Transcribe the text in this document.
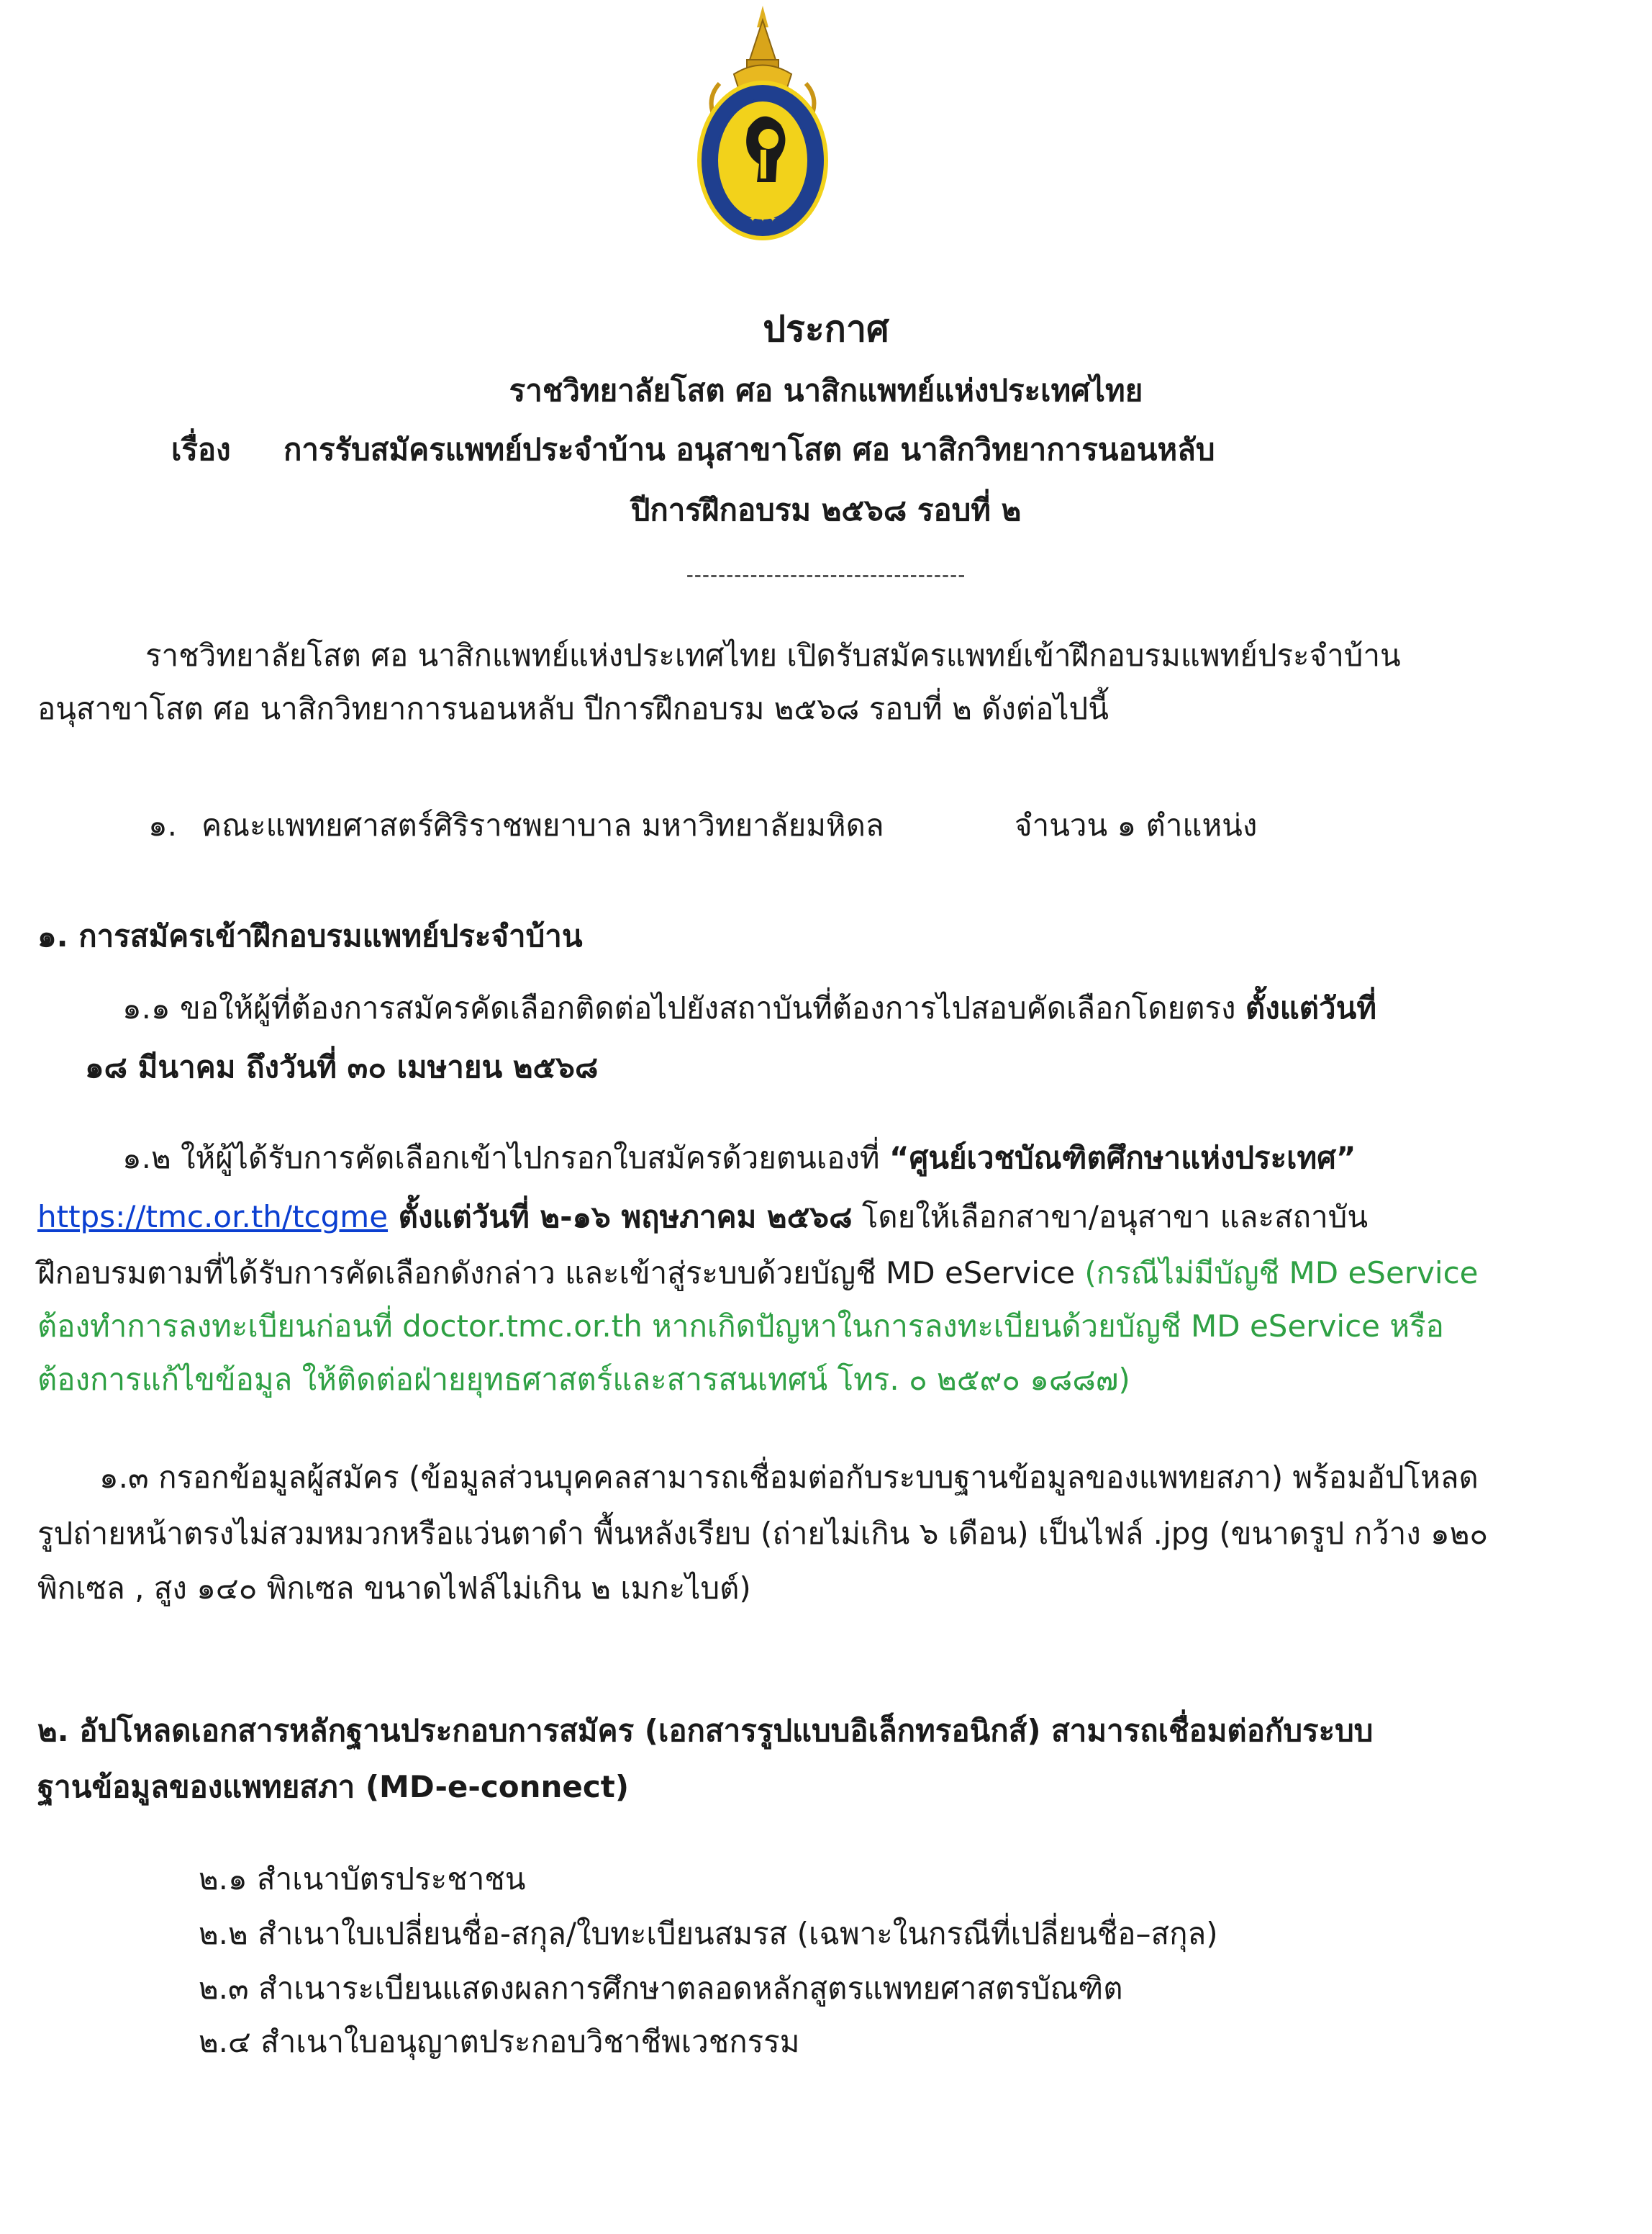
✦ ✦ ✦
ประกาศ
ราชวิทยาลัยโสต ศอ นาสิกแพทย์แห่งประเทศไทย
เรื่อง การรับสมัครแพทย์ประจำบ้าน อนุสาขาโสต ศอ นาสิกวิทยาการนอนหลับ
ปีการฝึกอบรม ๒๕๖๘ รอบที่ ๒
-----------------------------------
ราชวิทยาลัยโสต ศอ นาสิกแพทย์แห่งประเทศไทย เปิดรับสมัครแพทย์เข้าฝึกอบรมแพทย์ประจำบ้าน
อนุสาขาโสต ศอ นาสิกวิทยาการนอนหลับ ปีการฝึกอบรม ๒๕๖๘ รอบที่ ๒ ดังต่อไปนี้
๑. คณะแพทยศาสตร์ศิริราชพยาบาล มหาวิทยาลัยมหิดล	จำนวน ๑ ตำแหน่ง
๑. การสมัครเข้าฝึกอบรมแพทย์ประจำบ้าน
๑.๑ ขอให้ผู้ที่ต้องการสมัครคัดเลือกติดต่อไปยังสถาบันที่ต้องการไปสอบคัดเลือกโดยตรง ตั้งแต่วันที่
๑๘ มีนาคม ถึงวันที่ ๓๐ เมษายน ๒๕๖๘
๑.๒ ให้ผู้ได้รับการคัดเลือกเข้าไปกรอกใบสมัครด้วยตนเองที่ “ศูนย์เวชบัณฑิตศึกษาแห่งประเทศ”
https://tmc.or.th/tcgme ตั้งแต่วันที่ ๒-๑๖ พฤษภาคม ๒๕๖๘ โดยให้เลือกสาขา/อนุสาขา และสถาบัน
ฝึกอบรมตามที่ได้รับการคัดเลือกดังกล่าว และเข้าสู่ระบบด้วยบัญชี MD eService (กรณีไม่มีบัญชี MD eService
ต้องทำการลงทะเบียนก่อนที่ doctor.tmc.or.th หากเกิดปัญหาในการลงทะเบียนด้วยบัญชี MD eService หรือ
ต้องการแก้ไขข้อมูล ให้ติดต่อฝ่ายยุทธศาสตร์และสารสนเทศน์ โทร. ๐ ๒๕๙๐ ๑๘๘๗)
๑.๓ กรอกข้อมูลผู้สมัคร (ข้อมูลส่วนบุคคลสามารถเชื่อมต่อกับระบบฐานข้อมูลของแพทยสภา) พร้อมอัปโหลด
รูปถ่ายหน้าตรงไม่สวมหมวกหรือแว่นตาดำ พื้นหลังเรียบ (ถ่ายไม่เกิน ๖ เดือน) เป็นไฟล์ .jpg (ขนาดรูป กว้าง ๑๒๐
พิกเซล , สูง ๑๔๐ พิกเซล ขนาดไฟล์ไม่เกิน ๒ เมกะไบต์)
๒. อัปโหลดเอกสารหลักฐานประกอบการสมัคร (เอกสารรูปแบบอิเล็กทรอนิกส์) สามารถเชื่อมต่อกับระบบ
ฐานข้อมูลของแพทยสภา (MD-e-connect)
๒.๑ สำเนาบัตรประชาชน
๒.๒ สำเนาใบเปลี่ยนชื่อ-สกุล/ใบทะเบียนสมรส (เฉพาะในกรณีที่เปลี่ยนชื่อ–สกุล)
๒.๓ สำเนาระเบียนแสดงผลการศึกษาตลอดหลักสูตรแพทยศาสตรบัณฑิต
๒.๔ สำเนาใบอนุญาตประกอบวิชาชีพเวชกรรม
